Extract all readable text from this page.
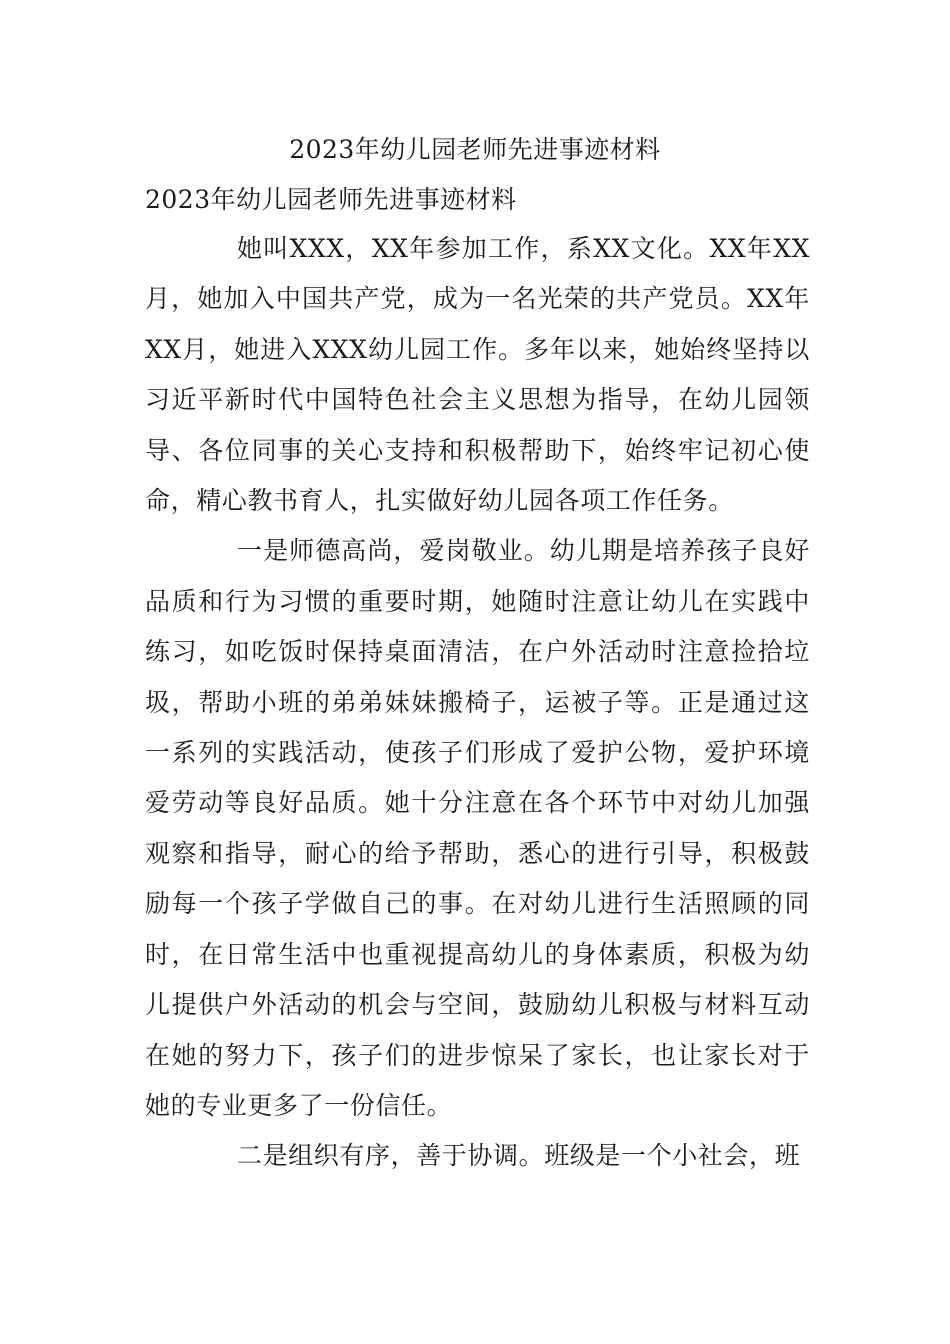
2023年幼儿园老师先进事迹材料
2023年幼儿园老师先进事迹材料

她叫XXX，XX年参加工作，系XX文化。XX年XX月，她加入中国共产党，成为一名光荣的共产党员。XX年XX月，她进入XXX幼儿园工作。多年以来，她始终坚持以习近平新时代中国特色社会主义思想为指导，在幼儿园领导、各位同事的关心支持和积极帮助下，始终牢记初心使命，精心教书育人，扎实做好幼儿园各项工作任务。

一是师德高尚，爱岗敬业。幼儿期是培养孩子良好品质和行为习惯的重要时期，她随时注意让幼儿在实践中练习，如吃饭时保持桌面清洁，在户外活动时注意捡拾垃圾，帮助小班的弟弟妹妹搬椅子，运被子等。正是通过这一系列的实践活动，使孩子们形成了爱护公物，爱护环境爱劳动等良好品质。她十分注意在各个环节中对幼儿加强观察和指导，耐心的给予帮助，悉心的进行引导，积极鼓励每一个孩子学做自己的事。在对幼儿进行生活照顾的同时，在日常生活中也重视提高幼儿的身体素质，积极为幼儿提供户外活动的机会与空间，鼓励幼儿积极与材料互动在她的努力下，孩子们的进步惊呆了家长，也让家长对于她的专业更多了一份信任。

二是组织有序，善于协调。班级是一个小社会，班
